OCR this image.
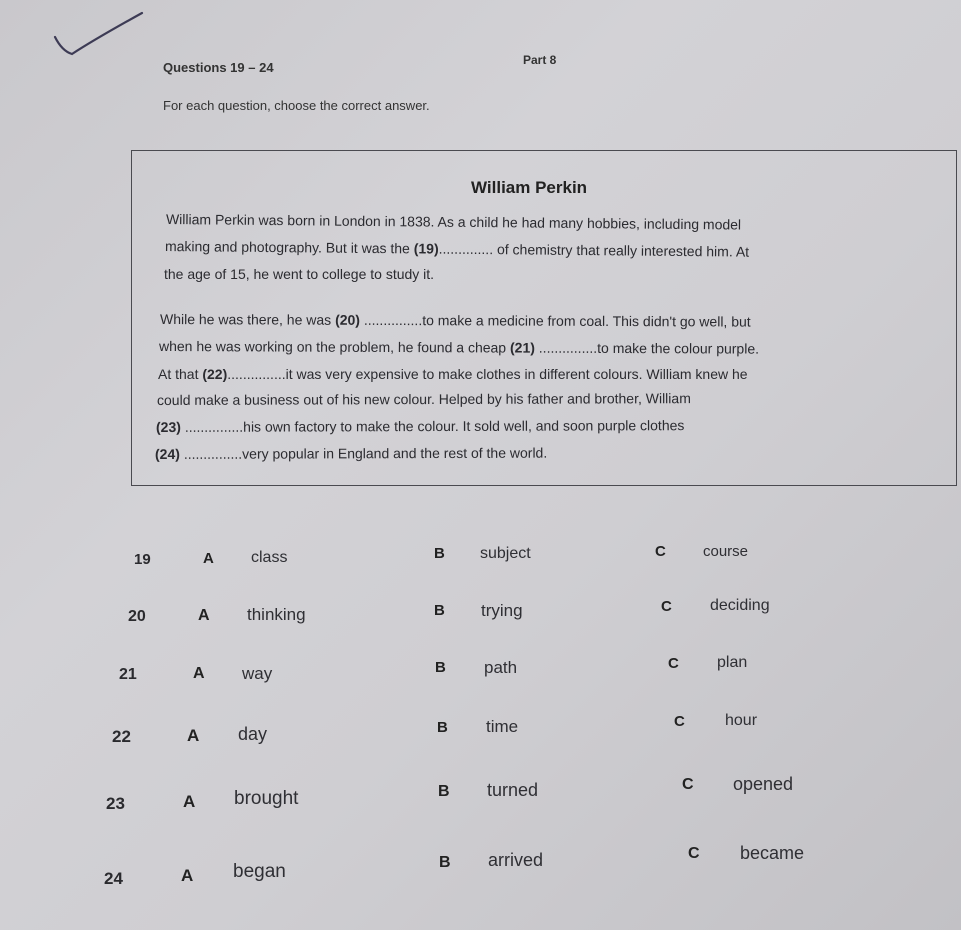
Questions 19 – 24	Part 8
For each question, choose the correct answer.
William Perkin
William Perkin was born in London in 1838. As a child he had many hobbies, including model
making and photography. But it was the (19).............. of chemistry that really interested him. At
the age of 15, he went to college to study it.
While he was there, he was (20) ...............to make a medicine from coal. This didn't go well, but
when he was working on the problem, he found a cheap (21) ...............to make the colour purple.
At that (22)...............it was very expensive to make clothes in different colours. William knew he
could make a business out of his new colour. Helped by his father and brother, William
(23) ...............his own factory to make the colour. It sold well, and soon purple clothes
(24) ...............very popular in England and the rest of the world.
19	A class	B subject	C course
20	A thinking	B trying	C deciding
21	A way	B path	C plan
22	A day	B time	C	hour
23	A brought	B turned	C opened
24	A began	B arrived	C became
